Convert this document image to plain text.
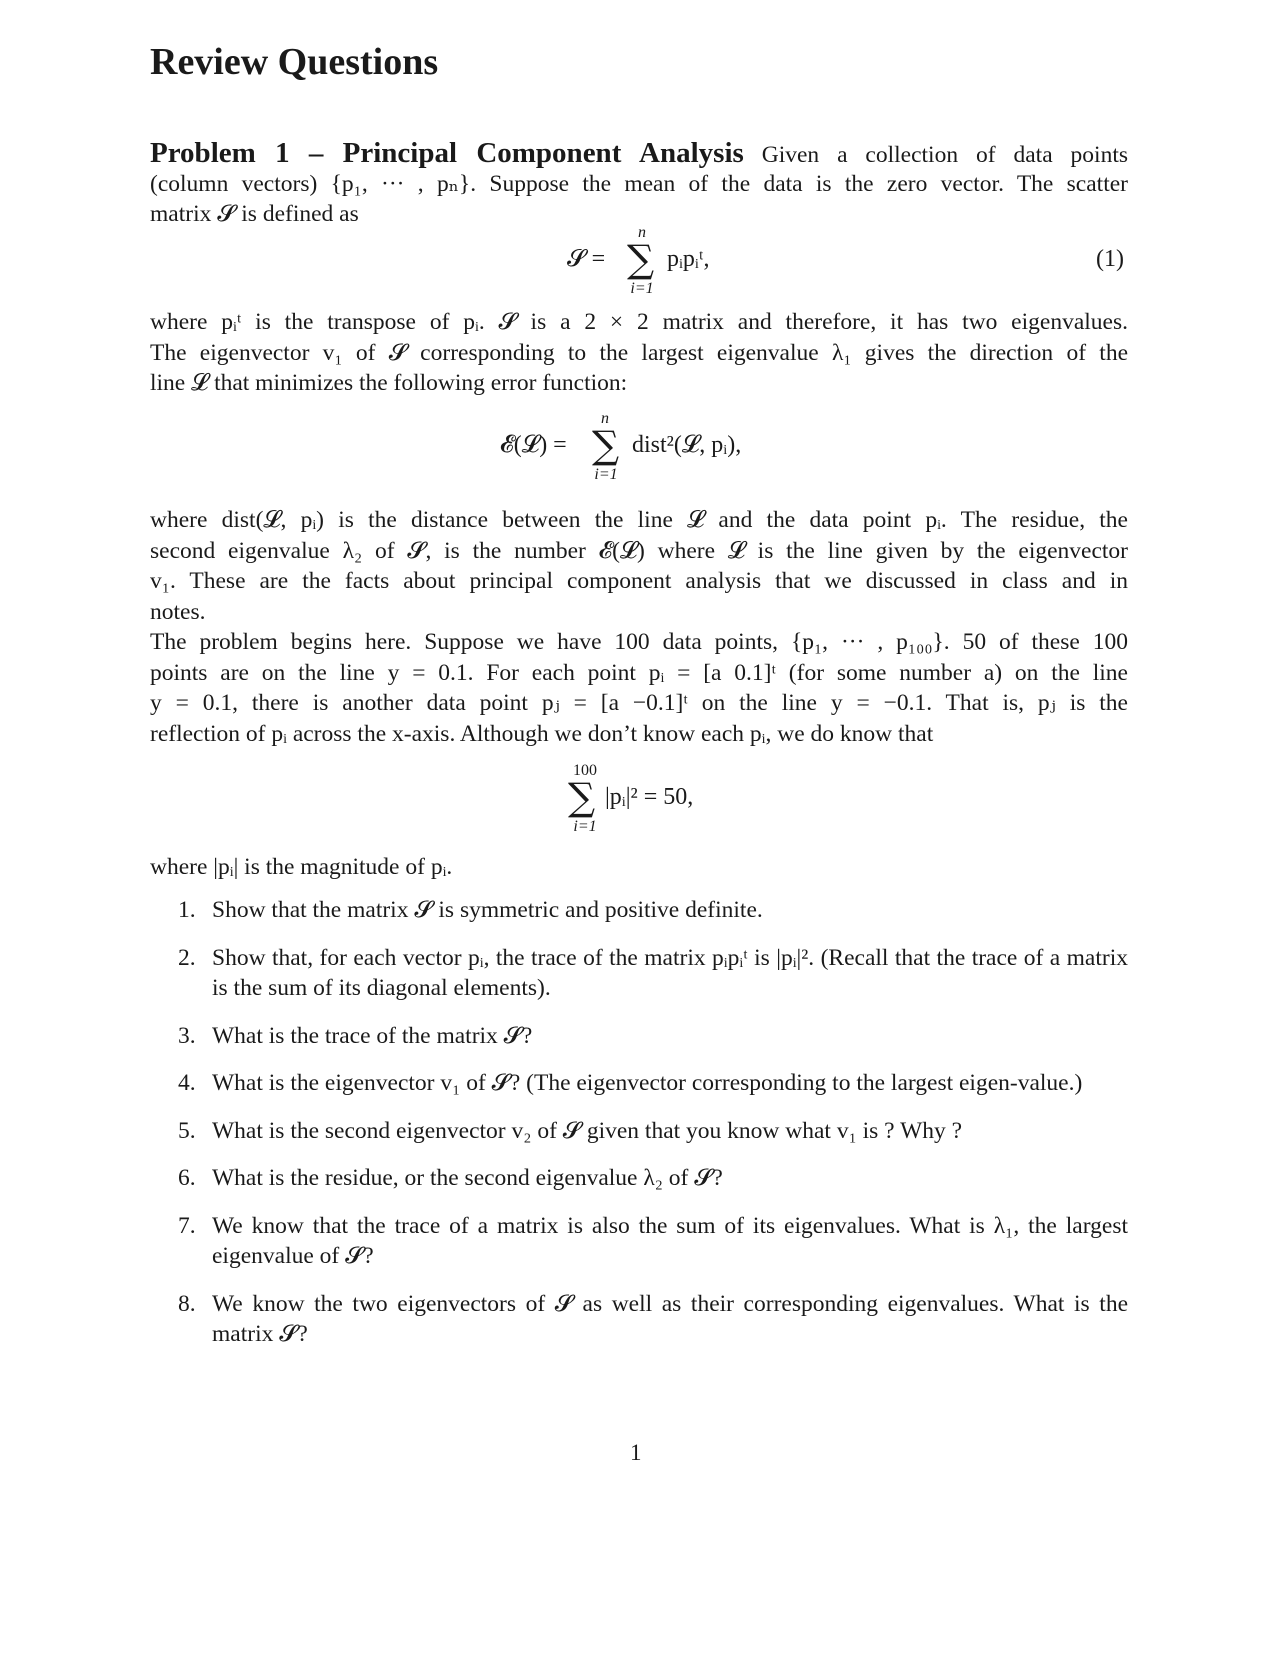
Review Questions
Problem 1 – Principal Component Analysis Given a collection of data points
(column vectors) {p₁, ··· , pₙ}. Suppose the mean of the data is the zero vector. The scatter
matrix 𝓢 is defined as
n
𝓢 = ∑ pᵢpᵢᵗ,
i=1
(1)
where pᵢᵗ is the transpose of pᵢ. 𝓢 is a 2 × 2 matrix and therefore, it has two eigenvalues.
The eigenvector v₁ of 𝓢 corresponding to the largest eigenvalue λ₁ gives the direction of the
line 𝓛 that minimizes the following error function:
n
𝓔(𝓛) = ∑ dist²(𝓛, pᵢ),
i=1
where dist(𝓛, pᵢ) is the distance between the line 𝓛 and the data point pᵢ. The residue, the
second eigenvalue λ₂ of 𝓢, is the number 𝓔(𝓛) where 𝓛 is the line given by the eigenvector
v₁. These are the facts about principal component analysis that we discussed in class and in
notes.
The problem begins here. Suppose we have 100 data points, {p₁, ··· , p₁₀₀}. 50 of these 100
points are on the line y = 0.1. For each point pᵢ = [a 0.1]ᵗ (for some number a) on the line
y = 0.1, there is another data point pⱼ = [a −0.1]ᵗ on the line y = −0.1. That is, pⱼ is the
reflection of pᵢ across the x-axis. Although we don’t know each pᵢ, we do know that
100
∑ |pᵢ|² = 50,
i=1
where |pᵢ| is the magnitude of pᵢ.
1. Show that the matrix 𝓢 is symmetric and positive definite.
2. Show that, for each vector pᵢ, the trace of the matrix pᵢpᵢᵗ is |pᵢ|². (Recall that the trace of a matrix is the sum of its diagonal elements).
3. What is the trace of the matrix 𝓢?
4. What is the eigenvector v₁ of 𝓢? (The eigenvector corresponding to the largest eigen-value.)
5. What is the second eigenvector v₂ of 𝓢 given that you know what v₁ is ? Why ?
6. What is the residue, or the second eigenvalue λ₂ of 𝓢?
7. We know that the trace of a matrix is also the sum of its eigenvalues. What is λ₁, the largest eigenvalue of 𝓢?
8. We know the two eigenvectors of 𝓢 as well as their corresponding eigenvalues. What is the matrix 𝓢?
1
